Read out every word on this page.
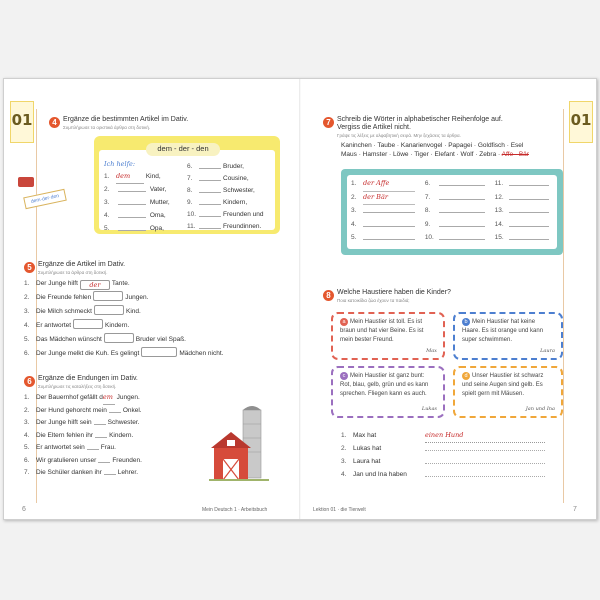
01	4 Ergänze die bestimmten Artikel im Dativ.
Συμπλήρωσε τα οριστικά άρθρα στη δοτική.
dem - der - den
dem·der·den
Ich helfe:
1. dem Kind,
2.	Vater,
3.	Mutter,
4.	Oma,
5.	Opa,
6.	Bruder,
7.	Cousine,
8.	Schwester,
9.	Kindern,
10.	Freunden und
11.	Freundinnen.
5 Ergänze die Artikel im Dativ.
Συμπλήρωσε τα άρθρα στη δοτική.
1. Der Junge hilft der Tante.
2. Die Freunde fehlen	Jungen.
3. Die Milch schmeckt	Kind.
4. Er antwortet	Kindern.
5. Das Mädchen wünscht	Bruder viel Spaß.
6. Der Junge melkt die Kuh. Es gelingt	Mädchen nicht.
6 Ergänze die Endungen im Dativ.
Συμπλήρωσε τις καταλήξεις στη δοτική.
1. Der Bauernhof gefällt dem Jungen.
2. Der Hund gehorcht mein Onkel.
3. Der Junge hilft sein Schwester.
4. Die Eltern fehlen ihr Kindern.
5. Er antwortet sein Frau.
6. Wir gratulieren unser Freunden.
7. Die Schüler danken ihr Lehrer.
6	Mein Deutsch 1 · Arbeitsbuch
01
7 Schreib die Wörter in alphabetischer Reihenfolge auf.
Vergiss die Artikel nicht.
Γράψε τις λέξεις με αλφαβητική σειρά. Μην ξεχάσεις τα άρθρα.
Kaninchen · Taube · Kanarienvogel · Papagei · Goldfisch · Esel
Maus · Hamster · Löwe · Tiger · Elefant · Wolf · Zebra · Affe · Bär
1. der Affe	6.	11.
2. der Bär	7.	12.
3.	8.	13.
4.	9.	14.
5.	10.	15.
8 Welche Haustiere haben die Kinder?
Ποια κατοικίδια ζώα έχουν τα παιδιά;
a Mein Haustier ist toll. Es ist braun und hat vier Beine. Es ist mein bester Freund.
Max
b Mein Haustier hat keine Haare. Es ist orange und kann super schwimmen.
Laura
c Mein Haustier ist ganz bunt: Rot, blau, gelb, grün und es kann sprechen. Fliegen kann es auch.
Lukas
d Unser Haustier ist schwarz und seine Augen sind gelb. Es spielt gern mit Mäusen.
Jan und Ina
1. Max hat	einen Hund
2. Lukas hat
3. Laura hat
4. Jan und Ina haben
Lektion 01 · die Tierwelt	7
